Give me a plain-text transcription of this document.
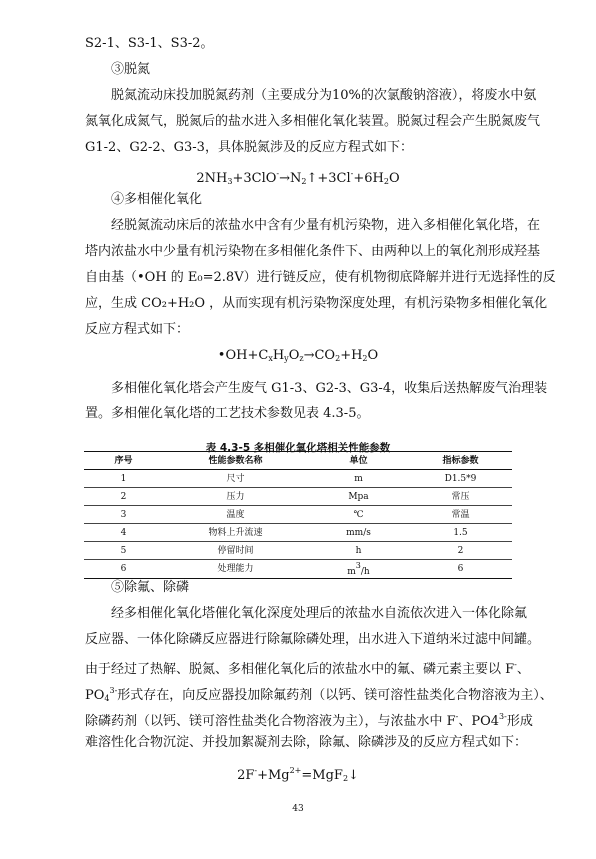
S2-1、S3-1、S3-2。
③脱氮
脱氮流动床投加脱氮药剂（主要成分为10%的次氯酸钠溶液），将废水中氨
氮氧化成氮气，脱氮后的盐水进入多相催化氧化装置。脱氮过程会产生脱氮废气
G1-2、G2-2、G3-3，具体脱氮涉及的反应方程式如下：
$2NH_3+3ClO^-\to N_2↑+3Cl^-+6H_2O$
④多相催化氧化
经脱氮流动床后的浓盐水中含有少量有机污染物，进入多相催化氧化塔，在
塔内浓盐水中少量有机污染物在多相催化条件下、由两种以上的氧化剂形成羟基
自由基（•OH 的 E₀=2.8V）进行链反应，使有机物彻底降解并进行无选择性的反
应，生成 CO₂+H₂O ，从而实现有机污染物深度处理，有机污染物多相催化氧化
反应方程式如下：
$•OH+C_xH_yO_z\to CO_2+H_2O$
多相催化氧化塔会产生废气 G1-3、G2-3、G3-4，收集后送热解废气治理装
置。多相催化氧化塔的工艺技术参数见表 4.3-5。
表 4.3-5 多相催化氧化塔相关性能参数
序号	性能参数名称	单位	指标参数
1	尺寸	m	D1.5*9
2	压力	Mpa	常压
3	温度	℃	常温
4	物料上升流速	mm/s	1.5
5	停留时间	h	2
6	处理能力	m3/h	6
⑤除氟、除磷
经多相催化氧化塔催化氧化深度处理后的浓盐水自流依次进入一体化除氟
反应器、一体化除磷反应器进行除氟除磷处理，出水进入下道纳米过滤中间罐。
由于经过了热解、脱氮、多相催化氧化后的浓盐水中的氟、磷元素主要以 F-、
$PO_4^{3-}$形式存在，向反应器投加除氟药剂（以钙、镁可溶性盐类化合物溶液为主）、
除磷药剂（以钙、镁可溶性盐类化合物溶液为主），与浓盐水中 F-、$PO4^{3-}$形成
难溶性化合物沉淀、并投加絮凝剂去除，除氟、除磷涉及的反应方程式如下：
$2F^-+Mg^{2+}=MgF_2↓$
43
